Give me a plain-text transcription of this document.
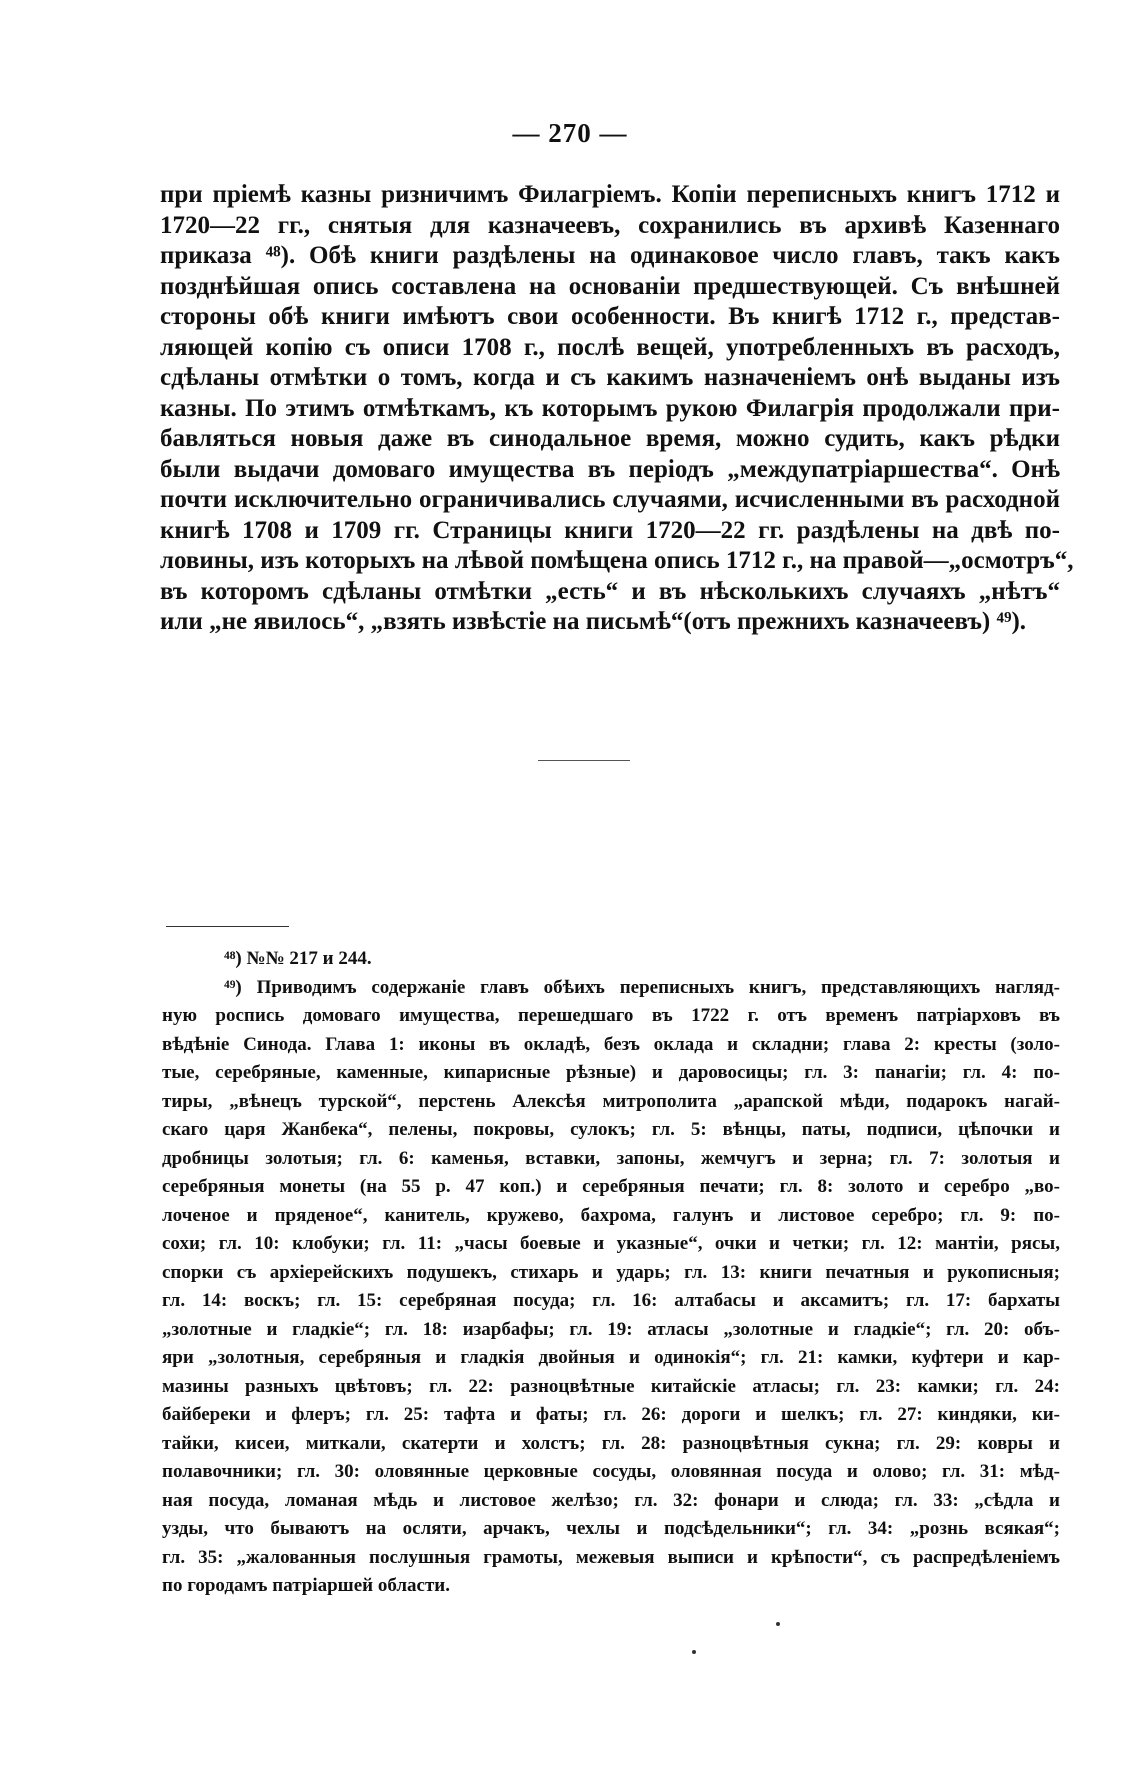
— 270 —
при пріемѣ казны ризничимъ Филагріемъ. Копіи переписныхъ книгъ 1712 и
1720—22 гг., снятыя для казначеевъ, сохранились въ архивѣ Казеннаго
приказа ⁴⁸). Обѣ книги раздѣлены на одинаковое число главъ, такъ какъ
позднѣйшая опись составлена на основаніи предшествующей. Съ внѣшней
стороны обѣ книги имѣютъ свои особенности. Въ книгѣ 1712 г., представ-
ляющей копію съ описи 1708 г., послѣ вещей, употребленныхъ въ расходъ,
сдѣланы отмѣтки о томъ, когда и съ какимъ назначеніемъ онѣ выданы изъ
казны. По этимъ отмѣткамъ, къ которымъ рукою Филагрія продолжали при-
бавляться новыя даже въ синодальное время, можно судить, какъ рѣдки
были выдачи домоваго имущества въ періодъ „междупатріаршества“. Онѣ
почти исключительно ограничивались случаями, исчисленными въ расходной
книгѣ 1708 и 1709 гг. Страницы книги 1720—22 гг. раздѣлены на двѣ по-
ловины, изъ которыхъ на лѣвой помѣщена опись 1712 г., на правой—„осмотръ“,
въ которомъ сдѣланы отмѣтки „есть“ и въ нѣсколькихъ случаяхъ „нѣтъ“
или „не явилось“, „взять извѣстіе на письмѣ“(отъ прежнихъ казначеевъ) ⁴⁹).
⁴⁸) №№ 217 и 244.
⁴⁹) Приводимъ содержаніе главъ обѣихъ переписныхъ книгъ, представляющихъ нагляд-
ную роспись домоваго имущества, перешедшаго въ 1722 г. отъ временъ патріарховъ въ
вѣдѣніе Синода. Глава 1: иконы въ окладѣ, безъ оклада и складни; глава 2: кресты (золо-
тые, серебряные, каменные, кипарисные рѣзные) и даровосицы; гл. 3: панагіи; гл. 4: по-
тиры, „вѣнецъ турской“, перстень Алексѣя митрополита „арапской мѣди, подарокъ нагай-
скаго царя Жанбека“, пелены, покровы, сулокъ; гл. 5: вѣнцы, паты, подписи, цѣпочки и
дробницы золотыя; гл. 6: каменья, вставки, запоны, жемчугъ и зерна; гл. 7: золотыя и
серебряныя монеты (на 55 р. 47 коп.) и серебряныя печати; гл. 8: золото и серебро „во-
лоченое и пряденое“, канитель, кружево, бахрома, галунъ и листовое серебро; гл. 9: по-
сохи; гл. 10: клобуки; гл. 11: „часы боевые и указные“, очки и четки; гл. 12: мантіи, рясы,
спорки съ архіерейскихъ подушекъ, стихарь и ударь; гл. 13: книги печатныя и рукописныя;
гл. 14: воскъ; гл. 15: серебряная посуда; гл. 16: алтабасы и аксамитъ; гл. 17: бархаты
„золотные и гладкіе“; гл. 18: изарбафы; гл. 19: атласы „золотные и гладкіе“; гл. 20: объ-
яри „золотныя, серебряныя и гладкія двойныя и одинокія“; гл. 21: камки, куфтери и кар-
мазины разныхъ цвѣтовъ; гл. 22: разноцвѣтные китайскіе атласы; гл. 23: камки; гл. 24:
байбереки и флеръ; гл. 25: тафта и фаты; гл. 26: дороги и шелкъ; гл. 27: киндяки, ки-
тайки, кисеи, миткали, скатерти и холстъ; гл. 28: разноцвѣтныя сукна; гл. 29: ковры и
полавочники; гл. 30: оловянные церковные сосуды, оловянная посуда и олово; гл. 31: мѣд-
ная посуда, ломаная мѣдь и листовое желѣзо; гл. 32: фонари и слюда; гл. 33: „сѣдла и
узды, что бываютъ на осляти, арчакъ, чехлы и подсѣдельники“; гл. 34: „рознь всякая“;
гл. 35: „жалованныя послушныя грамоты, межевыя выписи и крѣпости“, съ распредѣленіемъ
по городамъ патріаршей области.
